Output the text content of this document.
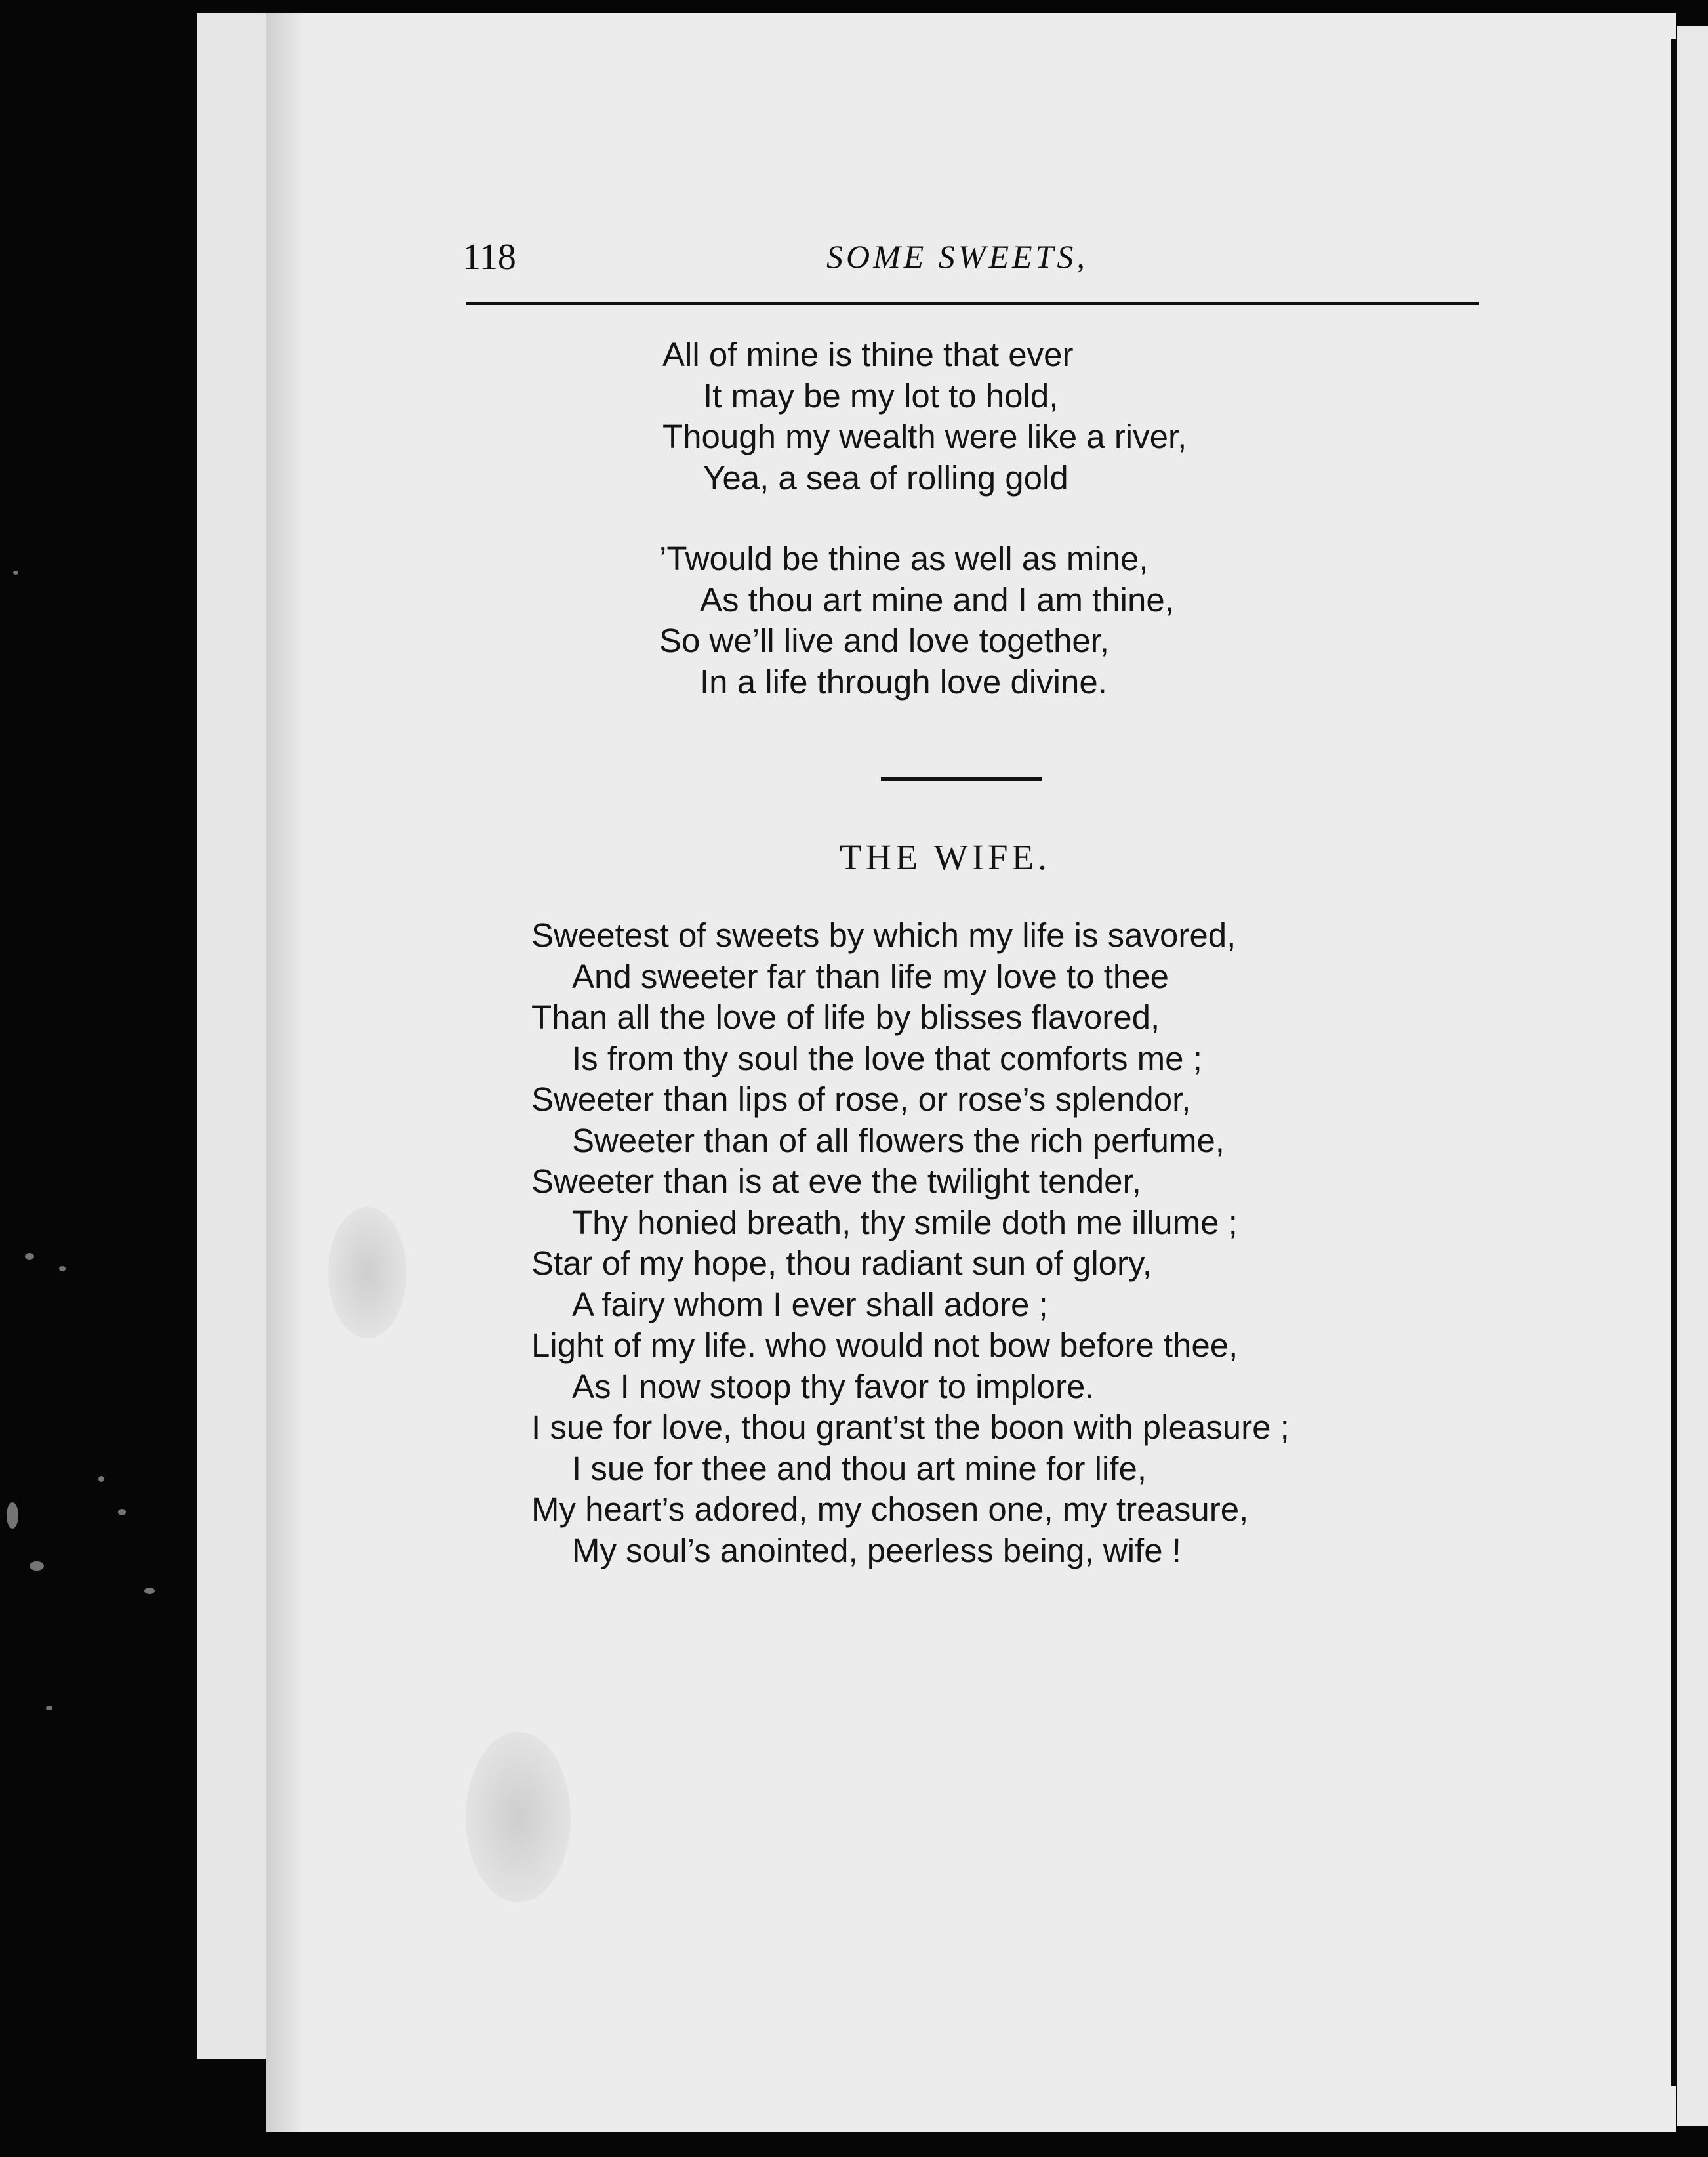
118	SOME SWEETS,
All of mine is thine that ever
It may be my lot to hold,
Though my wealth were like a river,
Yea, a sea of rolling gold
’Twould be thine as well as mine,
As thou art mine and I am thine,
So we’ll live and love together,
In a life through love divine.
THE WIFE.
Sweetest of sweets by which my life is savored,
And sweeter far than life my love to thee
Than all the love of life by blisses flavored,
Is from thy soul the love that comforts me ;
Sweeter than lips of rose, or rose’s splendor,
Sweeter than of all flowers the rich perfume,
Sweeter than is at eve the twilight tender,
Thy honied breath, thy smile doth me illume ;
Star of my hope, thou radiant sun of glory,
A fairy whom I ever shall adore ;
Light of my life. who would not bow before thee,
As I now stoop thy favor to implore.
I sue for love, thou grant’st the boon with pleasure ;
I sue for thee and thou art mine for life,
My heart’s adored, my chosen one, my treasure,
My soul’s anointed, peerless being, wife !
